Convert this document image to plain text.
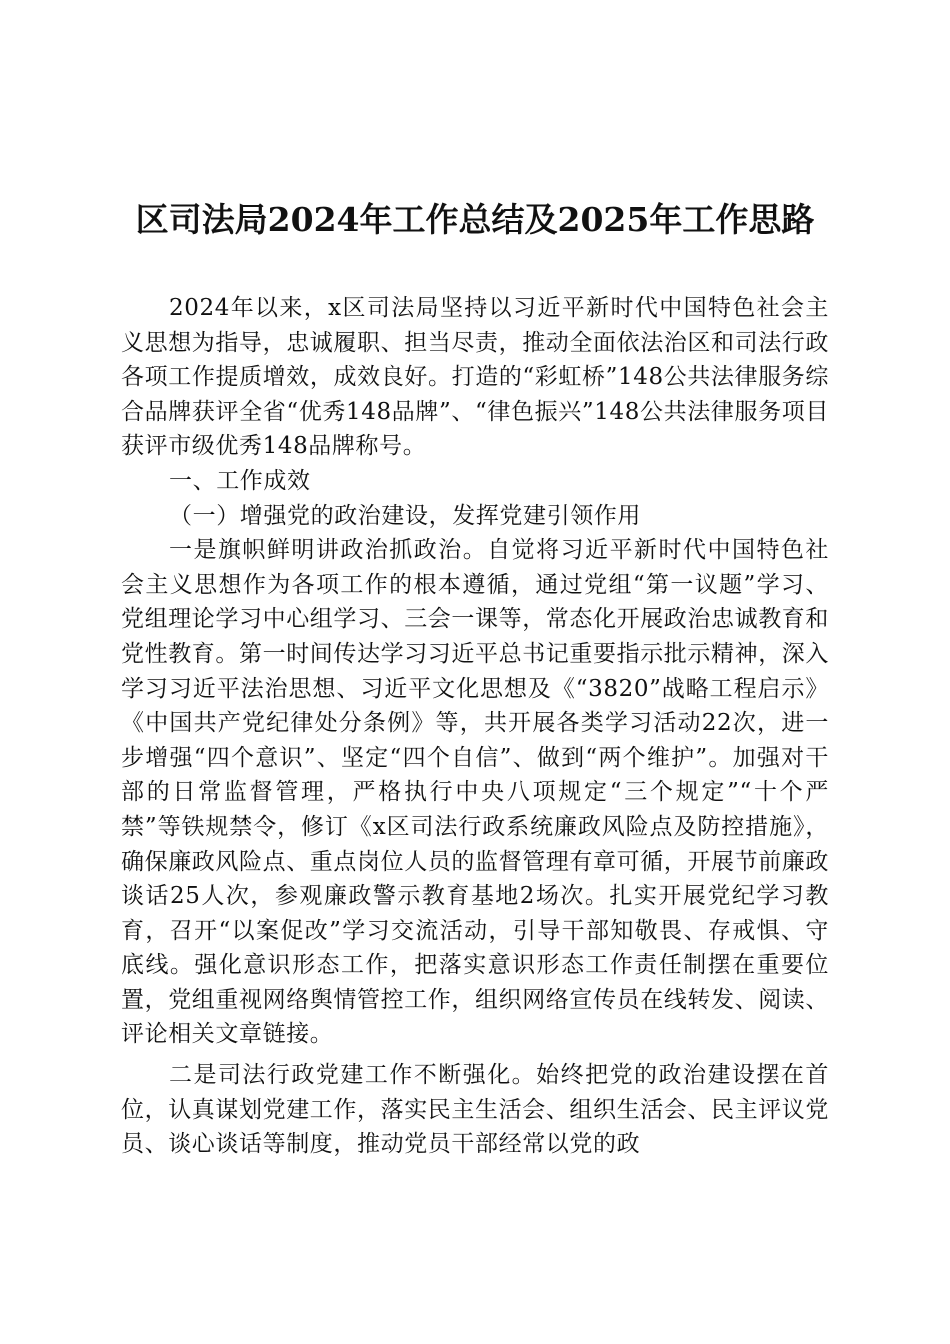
区司法局2024年工作总结及2025年工作思路

2024年以来，x区司法局坚持以习近平新时代中国特色社会主义思想为指导，忠诚履职、担当尽责，推动全面依法治区和司法行政各项工作提质增效，成效良好。打造的“彩虹桥”148公共法律服务综合品牌获评全省“优秀148品牌”、“律色振兴”148公共法律服务项目获评市级优秀148品牌称号。

一、工作成效

（一）增强党的政治建设，发挥党建引领作用

一是旗帜鲜明讲政治抓政治。自觉将习近平新时代中国特色社会主义思想作为各项工作的根本遵循，通过党组“第一议题”学习、党组理论学习中心组学习、三会一课等，常态化开展政治忠诚教育和党性教育。第一时间传达学习习近平总书记重要指示批示精神，深入学习习近平法治思想、习近平文化思想及《“3820”战略工程启示》《中国共产党纪律处分条例》等，共开展各类学习活动22次，进一步增强“四个意识”、坚定“四个自信”、做到“两个维护”。加强对干部的日常监督管理，严格执行中央八项规定“三个规定”“十个严禁”等铁规禁令，修订《x区司法行政系统廉政风险点及防控措施》，确保廉政风险点、重点岗位人员的监督管理有章可循，开展节前廉政谈话25人次，参观廉政警示教育基地2场次。扎实开展党纪学习教育，召开“以案促改”学习交流活动，引导干部知敬畏、存戒惧、守底线。强化意识形态工作，把落实意识形态工作责任制摆在重要位置，党组重视网络舆情管控工作，组织网络宣传员在线转发、阅读、评论相关文章链接。

二是司法行政党建工作不断强化。始终把党的政治建设摆在首位，认真谋划党建工作，落实民主生活会、组织生活会、民主评议党员、谈心谈话等制度，推动党员干部经常以党的政
